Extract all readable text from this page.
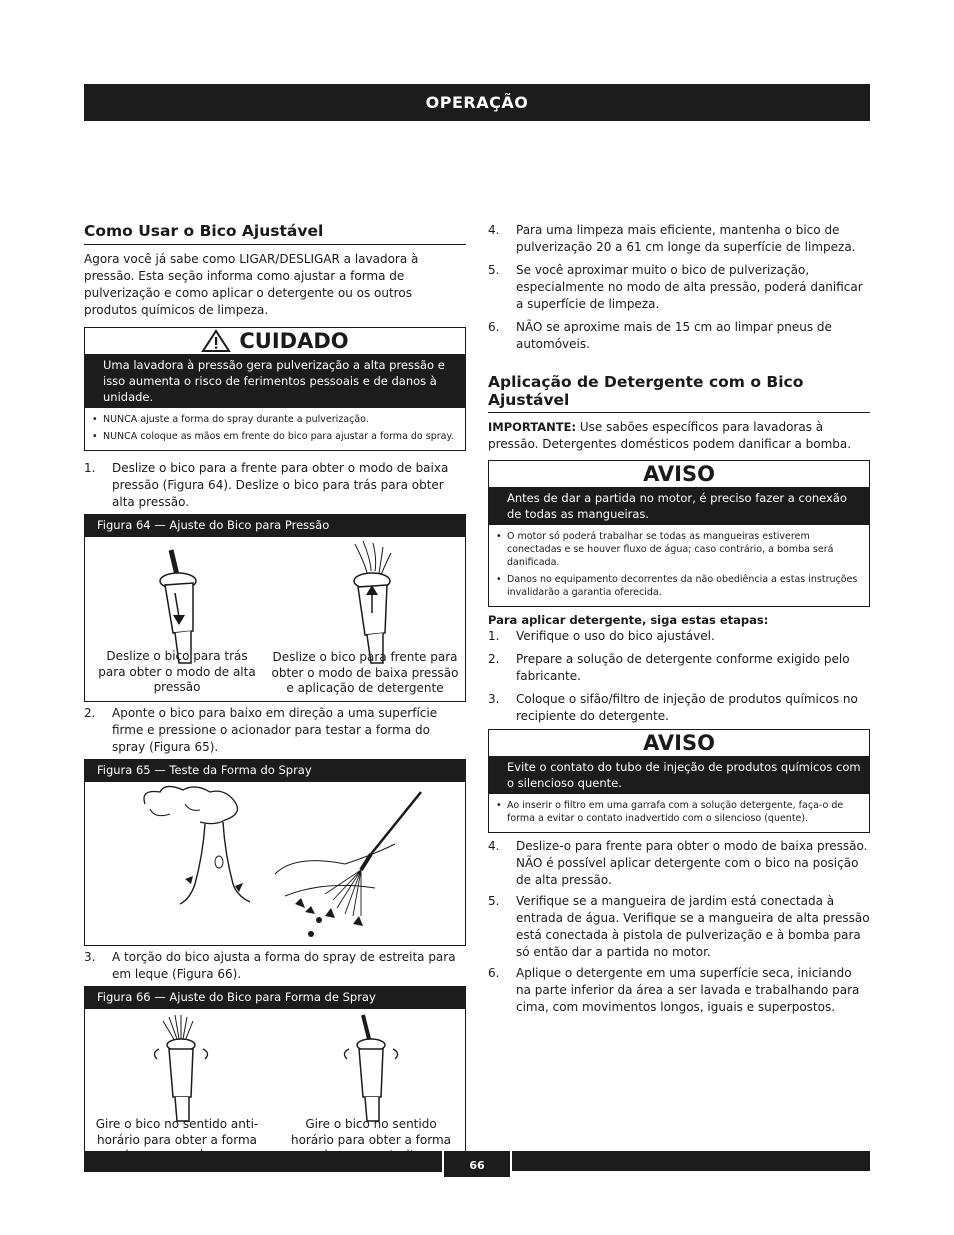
OPERAÇÃO
Como Usar o Bico Ajustável

Agora você já sabe como LIGAR/DESLIGAR a lavadora à pressão. Esta seção informa como ajustar a forma de pulverização e como aplicar o detergente ou os outros produtos químicos de limpeza.

CUIDADO
Uma lavadora à pressão gera pulverização a alta pressão e isso aumenta o risco de ferimentos pessoais e de danos à unidade.
• NUNCA ajuste a forma do spray durante a pulverização.
• NUNCA coloque as mãos em frente do bico para ajustar a forma do spray.
1. Deslize o bico para a frente para obter o modo de baixa pressão (Figura 64). Deslize o bico para trás para obter alta pressão.
Figura 64 — Ajuste do Bico para Pressão
Deslize o bico para trás para obter o modo de alta pressão
Deslize o bico para frente para obter o modo de baixa pressão e aplicação de detergente
2. Aponte o bico para baixo em direção a uma superfície firme e pressione o acionador para testar a forma do spray (Figura 65).
Figura 65 — Teste da Forma do Spray
3. A torção do bico ajusta a forma do spray de estreita para em leque (Figura 66).
Figura 66 — Ajuste do Bico para Forma de Spray
Gire o bico no sentido anti-horário para obter a forma
Gire o bico no sentido horário para obter a forma
4. Para uma limpeza mais eficiente, mantenha o bico de pulverização 20 a 61 cm longe da superfície de limpeza.
5. Se você aproximar muito o bico de pulverização, especialmente no modo de alta pressão, poderá danificar a superfície de limpeza.
6. NÃO se aproxime mais de 15 cm ao limpar pneus de automóveis.
Aplicação de Detergente com o Bico Ajustável

IMPORTANTE: Use sabões específicos para lavadoras à pressão. Detergentes domésticos podem danificar a bomba.

AVISO
Antes de dar a partida no motor, é preciso fazer a conexão de todas as mangueiras.
• O motor só poderá trabalhar se todas as mangueiras estiverem conectadas e se houver fluxo de água; caso contrário, a bomba será danificada.
• Danos no equipamento decorrentes da não obediência a estas instruções invalidarão a garantia oferecida.

Para aplicar detergente, siga estas etapas:

1. Verifique o uso do bico ajustável.
2. Prepare a solução de detergente conforme exigido pelo fabricante.
3. Coloque o sifão/filtro de injeção de produtos químicos no recipiente do detergente.
AVISO
Evite o contato do tubo de injeção de produtos químicos com o silencioso quente.
• Ao inserir o filtro em uma garrafa com a solução detergente, faça-o de forma a evitar o contato inadvertido com o silencioso (quente).
4. Deslize-o para frente para obter o modo de baixa pressão. NÃO é possível aplicar detergente com o bico na posição de alta pressão.
5. Verifique se a mangueira de jardim está conectada à entrada de água. Verifique se a mangueira de alta pressão está conectada à pistola de pulverização e à bomba para só então dar a partida no motor.
6. Aplique o detergente em uma superfície seca, iniciando na parte inferior da área a ser lavada e trabalhando para cima, com movimentos longos, iguais e superpostos.
66
